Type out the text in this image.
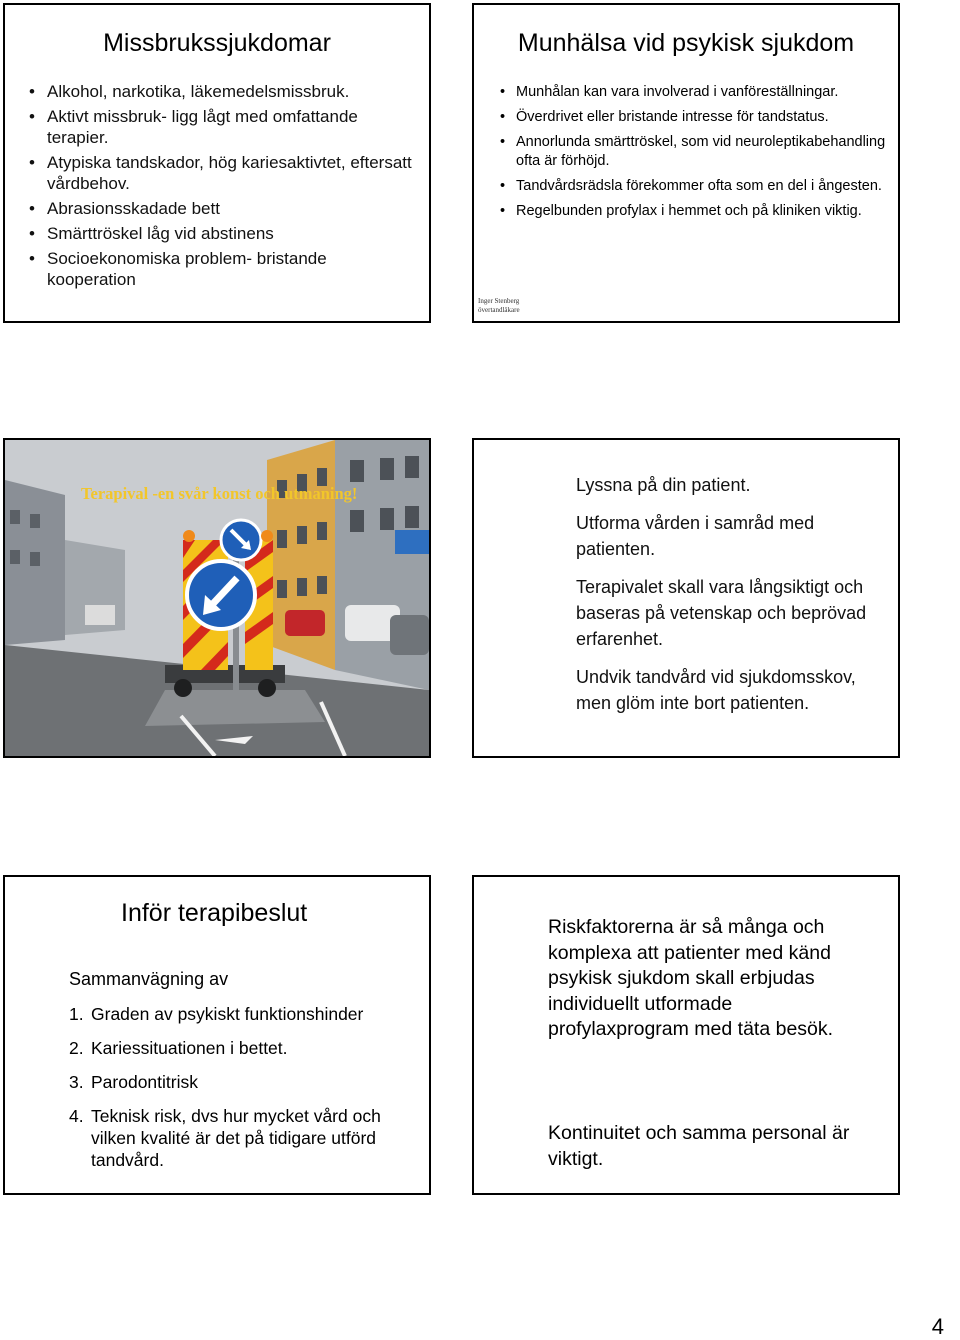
Missbrukssjukdomar
• Alkohol, narkotika, läkemedelsmissbruk.
• Aktivt missbruk- ligg lågt med omfattande terapier.
• Atypiska tandskador, hög kariesaktivtet, eftersatt vårdbehov.
• Abrasionsskadade bett
• Smärttröskel låg vid abstinens
• Socioekonomiska problem- bristande kooperation
Munhälsa vid psykisk sjukdom
• Munhålan kan vara involverad i vanföreställningar.
• Överdrivet eller bristande intresse för tandstatus.
• Annorlunda smärttröskel, som vid neuroleptikabehandling ofta är förhöjd.
• Tandvårdsrädsla förekommer ofta som en del i ångesten.
• Regelbunden profylax i hemmet och på kliniken viktig.
Inger Stenberg
övertandläkare
Terapival -en svår konst och utmaning!	Lyssna på din patient.

Utforma vården i samråd med patienten.

Terapivalet skall vara långsiktigt och baseras på vetenskap och beprövad erfarenhet.

Undvik tandvård vid sjukdomsskov, men glöm inte bort patienten.

Inför terapibeslut
Sammanvägning av
1. Graden av psykiskt funktionshinder
2. Kariessituationen i bettet.
3. Parodontitrisk
4. Teknisk risk, dvs hur mycket vård och vilken kvalité är det på tidigare utförd tandvård.
Riskfaktorerna är så många och komplexa att patienter med känd psykisk sjukdom skall erbjudas individuellt utformade profylaxprogram med täta besök.
Kontinuitet och samma personal är viktigt.
4
